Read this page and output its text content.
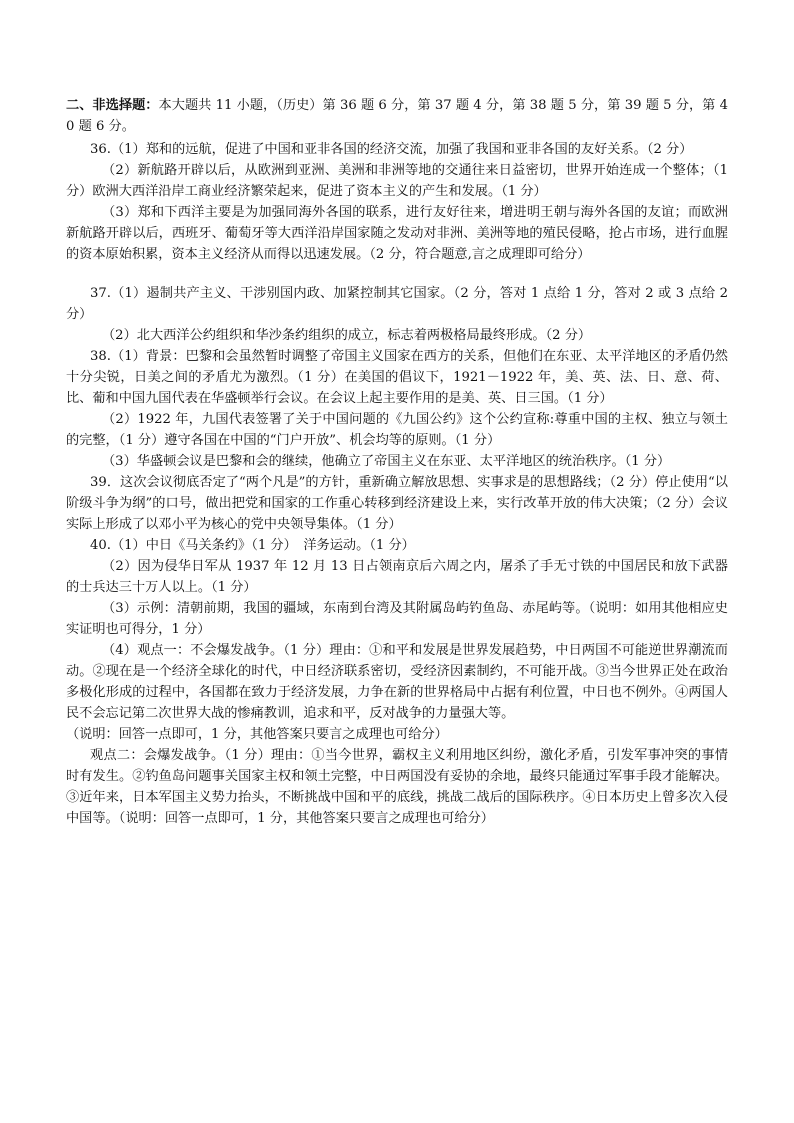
二、非选择题：本大题共 11 小题，（历史）第 36 题 6 分，第 37 题 4 分，第 38 题 5 分，第 39 题 5 分，第 40 题 6 分。

36.（1）郑和的远航，促进了中国和亚非各国的经济交流，加强了我国和亚非各国的友好关系。（2 分）

（2）新航路开辟以后，从欧洲到亚洲、美洲和非洲等地的交通往来日益密切，世界开始连成一个整体；（1 分）欧洲大西洋沿岸工商业经济繁荣起来，促进了资本主义的产生和发展。（1 分）

（3）郑和下西洋主要是为加强同海外各国的联系，进行友好往来，增进明王朝与海外各国的友谊；而欧洲新航路开辟以后，西班牙、葡萄牙等大西洋沿岸国家随之发动对非洲、美洲等地的殖民侵略，抢占市场，进行血腥的资本原始积累，资本主义经济从而得以迅速发展。（2 分，符合题意,言之成理即可给分）

37.（1）遏制共产主义、干涉别国内政、加紧控制其它国家。（2 分，答对 1 点给 1 分，答对 2 或 3 点给 2 分）

（2）北大西洋公约组织和华沙条约组织的成立，标志着两极格局最终形成。（2 分）

38.（1）背景：巴黎和会虽然暂时调整了帝国主义国家在西方的关系，但他们在东亚、太平洋地区的矛盾仍然十分尖锐，日美之间的矛盾尤为激烈。（1 分）在美国的倡议下，1921－1922 年，美、英、法、日、意、荷、比、葡和中国九国代表在华盛顿举行会议。在会议上起主要作用的是美、英、日三国。（1 分）

（2）1922 年，九国代表签署了关于中国问题的《九国公约》这个公约宣称:尊重中国的主权、独立与领土的完整，（1 分）遵守各国在中国的“门户开放”、机会均等的原则。（1 分）

（3）华盛顿会议是巴黎和会的继续，他确立了帝国主义在东亚、太平洋地区的统治秩序。（1 分）

39．这次会议彻底否定了“两个凡是”的方针，重新确立解放思想、实事求是的思想路线；（2 分）停止使用“以阶级斗争为纲”的口号，做出把党和国家的工作重心转移到经济建设上来，实行改革开放的伟大决策；（2 分）会议实际上形成了以邓小平为核心的党中央领导集体。（1 分）

40.（1）中日《马关条约》（1 分）　洋务运动。（1 分）

（2）因为侵华日军从 1937 年 12 月 13 日占领南京后六周之内，屠杀了手无寸铁的中国居民和放下武器的士兵达三十万人以上。（1 分）

（3）示例：清朝前期，我国的疆域，东南到台湾及其附属岛屿钓鱼岛、赤尾屿等。（说明：如用其他相应史实证明也可得分，1 分）

（4）观点一：不会爆发战争。（1 分）理由：①和平和发展是世界发展趋势，中日两国不可能逆世界潮流而动。②现在是一个经济全球化的时代，中日经济联系密切，受经济因素制约，不可能开战。③当今世界正处在政治多极化形成的过程中，各国都在致力于经济发展，力争在新的世界格局中占据有利位置，中日也不例外。④两国人民不会忘记第二次世界大战的惨痛教训，追求和平，反对战争的力量强大等。

（说明：回答一点即可，1 分，其他答案只要言之成理也可给分）

观点二：会爆发战争。（1 分）理由：①当今世界，霸权主义利用地区纠纷，激化矛盾，引发军事冲突的事情时有发生。②钓鱼岛问题事关国家主权和领土完整，中日两国没有妥协的余地，最终只能通过军事手段才能解决。③近年来，日本军国主义势力抬头，不断挑战中国和平的底线，挑战二战后的国际秩序。④日本历史上曾多次入侵中国等。（说明：回答一点即可，1 分，其他答案只要言之成理也可给分）
